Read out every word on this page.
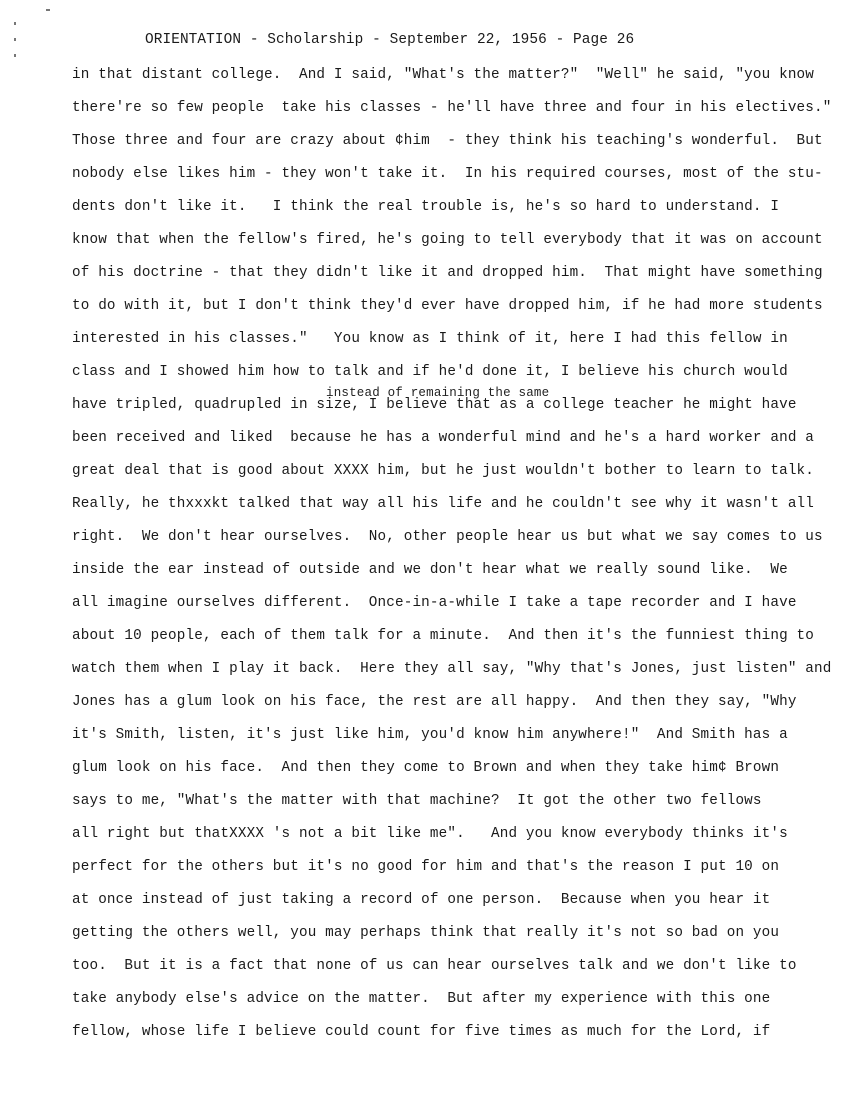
ORIENTATION - Scholarship - September 22, 1956 - Page 26
instead of remaining the same
in that distant college.  And I said, "What's the matter?"  "Well" he said, "you know
there're so few people  take his classes - he'll have three and four in his electives."
Those three and four are crazy about ¢him  - they think his teaching's wonderful.  But
nobody else likes him - they won't take it.  In his required courses, most of the stu-
dents don't like it.   I think the real trouble is, he's so hard to understand. I
know that when the fellow's fired, he's going to tell everybody that it was on account
of his doctrine - that they didn't like it and dropped him.  That might have something
to do with it, but I don't think they'd ever have dropped him, if he had more students
interested in his classes."   You know as I think of it, here I had this fellow in
class and I showed him how to talk and if he'd done it, I believe his church would
have tripled, quadrupled in size, I believe that as a college teacher he might have
been received and liked  because he has a wonderful mind and he's a hard worker and a
great deal that is good about XXXX him, but he just wouldn't bother to learn to talk.
Really, he thxxxkt talked that way all his life and he couldn't see why it wasn't all
right.  We don't hear ourselves.  No, other people hear us but what we say comes to us
inside the ear instead of outside and we don't hear what we really sound like.  We
all imagine ourselves different.  Once-in-a-while I take a tape recorder and I have
about 10 people, each of them talk for a minute.  And then it's the funniest thing to
watch them when I play it back.  Here they all say, "Why that's Jones, just listen" and
Jones has a glum look on his face, the rest are all happy.  And then they say, "Why
it's Smith, listen, it's just like him, you'd know him anywhere!"  And Smith has a
glum look on his face.  And then they come to Brown and when they take him¢ Brown
says to me, "What's the matter with that machine?  It got the other two fellows
all right but thatXXXX 's not a bit like me".   And you know everybody thinks it's
perfect for the others but it's no good for him and that's the reason I put 10 on
at once instead of just taking a record of one person.  Because when you hear it
getting the others well, you may perhaps think that really it's not so bad on you
too.  But it is a fact that none of us can hear ourselves talk and we don't like to
take anybody else's advice on the matter.  But after my experience with this one
fellow, whose life I believe could count for five times as much for the Lord, if
